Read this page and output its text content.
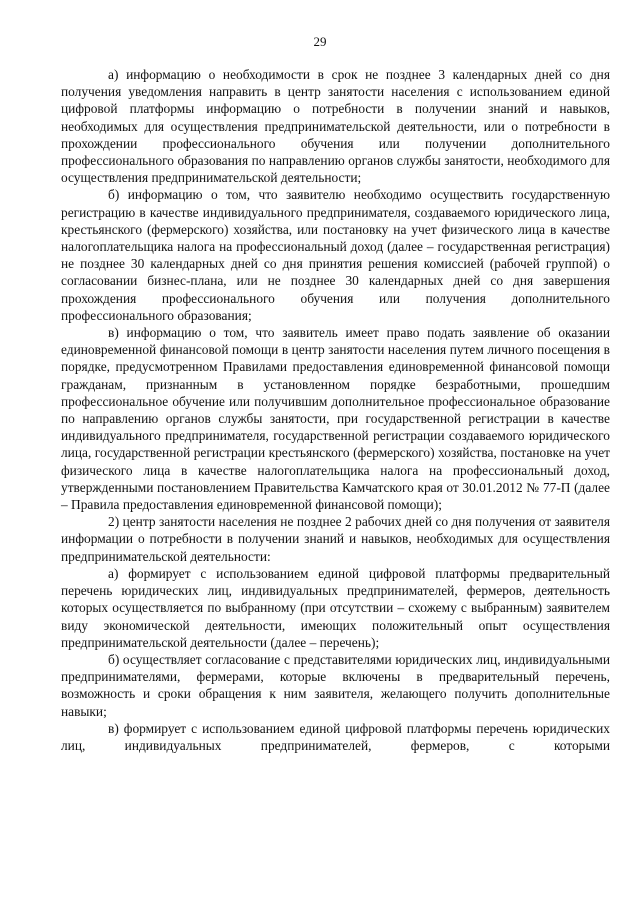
29

а) информацию о необходимости в срок не позднее 3 календарных дней со дня получения уведомления направить в центр занятости населения с использованием единой цифровой платформы информацию о потребности в получении знаний и навыков, необходимых для осуществления предпринимательской деятельности, или о потребности в прохождении профессионального обучения или получении дополнительного профессионального образования по направлению органов службы занятости, необходимого для осуществления предпринимательской деятельности;

б) информацию о том, что заявителю необходимо осуществить государственную регистрацию в качестве индивидуального предпринимателя, создаваемого юридического лица, крестьянского (фермерского) хозяйства, или постановку на учет физического лица в качестве налогоплательщика налога на профессиональный доход (далее – государственная регистрация) не позднее 30 календарных дней со дня принятия решения комиссией (рабочей группой) о согласовании бизнес-плана, или не позднее 30 календарных дней со дня завершения прохождения профессионального обучения или получения дополнительного профессионального образования;

в) информацию о том, что заявитель имеет право подать заявление об оказании единовременной финансовой помощи в центр занятости населения путем личного посещения в порядке, предусмотренном Правилами предоставления единовременной финансовой помощи гражданам, признанным в установленном порядке безработными, прошедшим профессиональное обучение или получившим дополнительное профессиональное образование по направлению органов службы занятости, при государственной регистрации в качестве индивидуального предпринимателя, государственной регистрации создаваемого юридического лица, государственной регистрации крестьянского (фермерского) хозяйства, постановке на учет физического лица в качестве налогоплательщика налога на профессиональный доход, утвержденными постановлением Правительства Камчатского края от 30.01.2012 № 77-П (далее – Правила предоставления единовременной финансовой помощи);

2) центр занятости населения не позднее 2 рабочих дней со дня получения от заявителя информации о потребности в получении знаний и навыков, необходимых для осуществления предпринимательской деятельности:

а) формирует с использованием единой цифровой платформы предварительный перечень юридических лиц, индивидуальных предпринимателей, фермеров, деятельность которых осуществляется по выбранному (при отсутствии – схожему с выбранным) заявителем виду экономической деятельности, имеющих положительный опыт осуществления предпринимательской деятельности (далее – перечень);

б) осуществляет согласование с представителями юридических лиц, индивидуальными предпринимателями, фермерами, которые включены в предварительный перечень, возможность и сроки обращения к ним заявителя, желающего получить дополнительные навыки;

в) формирует с использованием единой цифровой платформы перечень юридических лиц, индивидуальных предпринимателей, фермеров, с которыми
